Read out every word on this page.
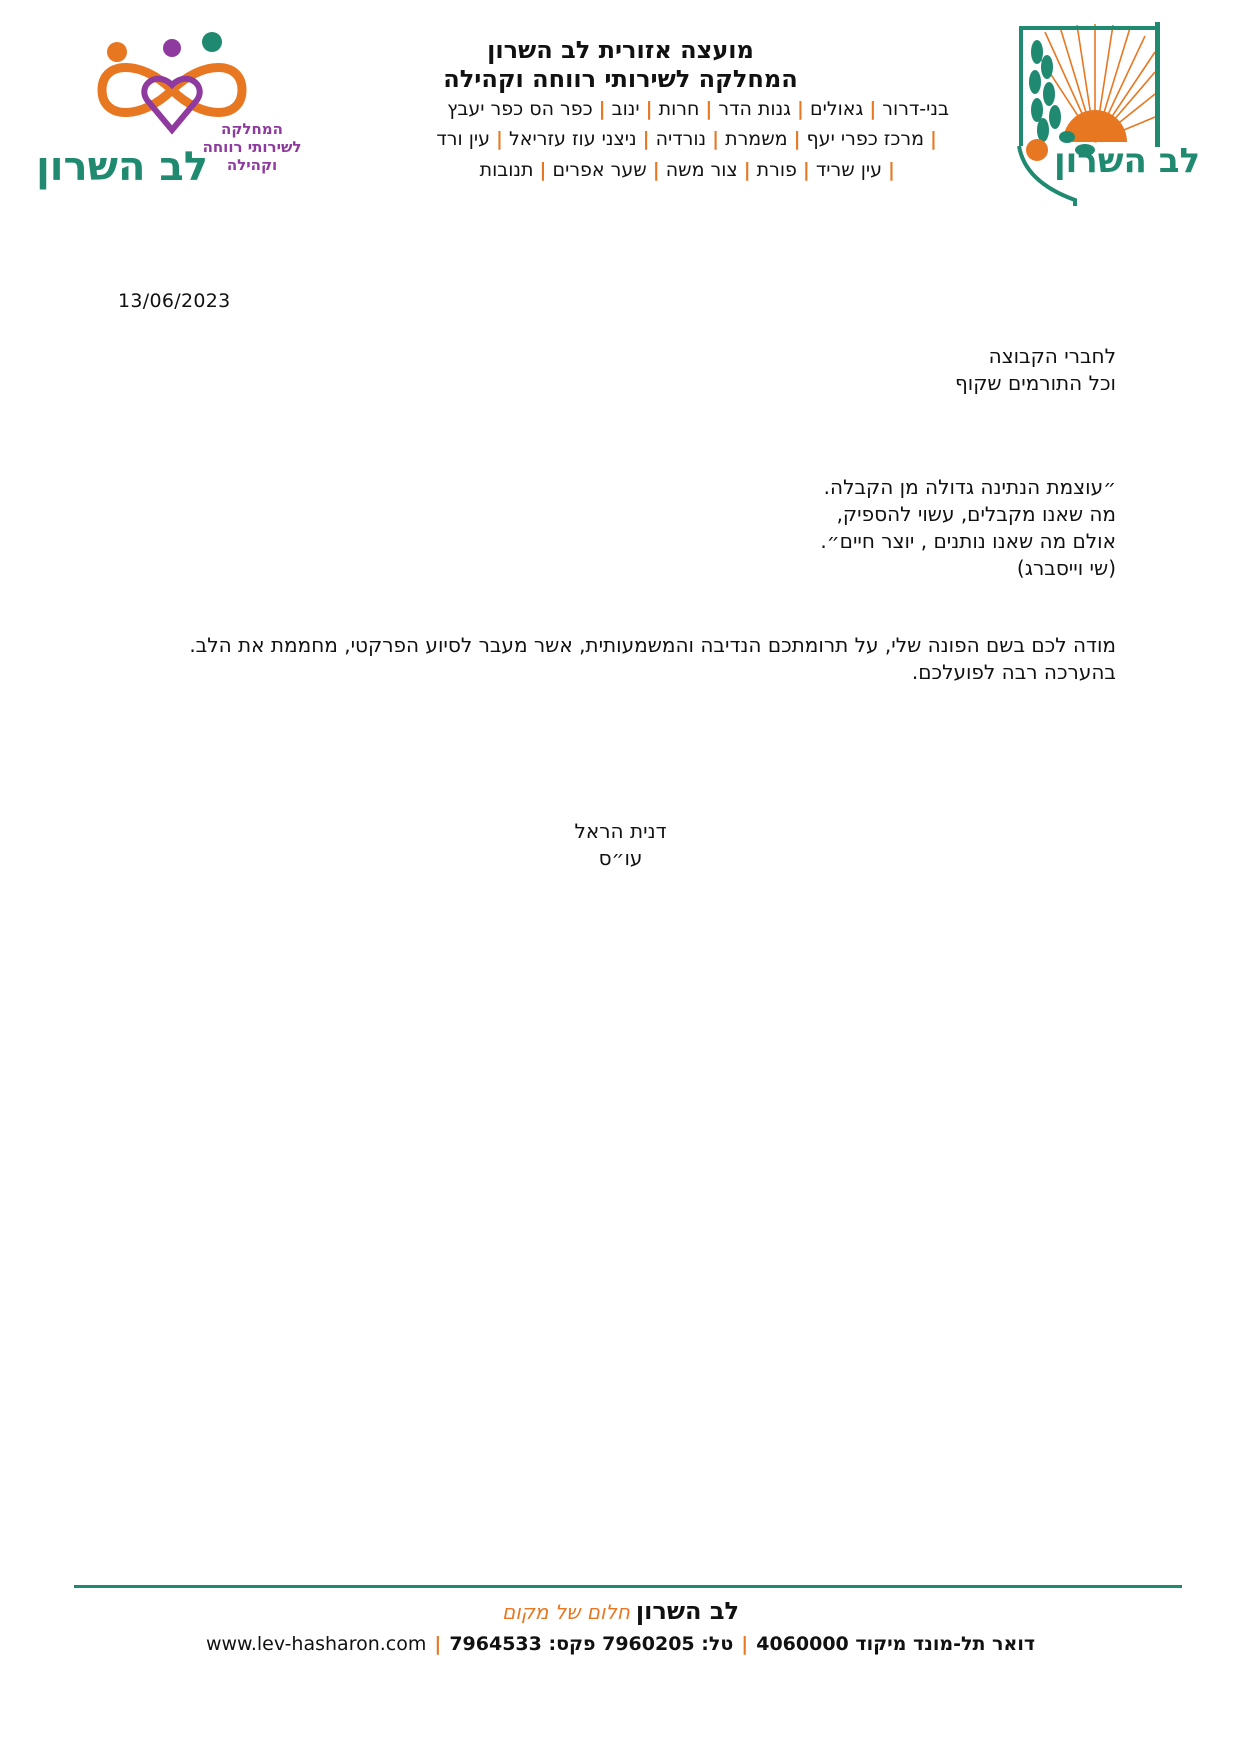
לב השרון
לב השרון
המחלקה
לשירותי רווחה
וקהילה
מועצה אזורית לב השרון
המחלקה לשירותי רווחה וקהילה
בני-דרור|גאולים|גנות הדר|חרות|ינוב|כפר הס כפר יעבץ
|מרכז כפרי יעף|משמרת|נורדיה|ניצני עוז עזריאל|עין ורד
|עין שריד|פורת|צור משה|שער אפרים|תנובות
13/06/2023
לחברי הקבוצה
וכל התורמים שקוף
״עוצמת הנתינה גדולה מן הקבלה.
מה שאנו מקבלים, עשוי להספיק,
אולם מה שאנו נותנים , יוצר חיים״.
(שי וייסברג)
מודה לכם בשם הפונה שלי, על תרומתכם הנדיבה והמשמעותית, אשר מעבר לסיוע הפרקטי, מחממת את הלב.
בהערכה רבה לפועלכם.
דנית הראל
עו״ס
לב השרוןחלום של מקום
דואר תל-מונד מיקוד 4060000|טל: 7960205 פקס: 7964533|www.lev-hasharon.com
